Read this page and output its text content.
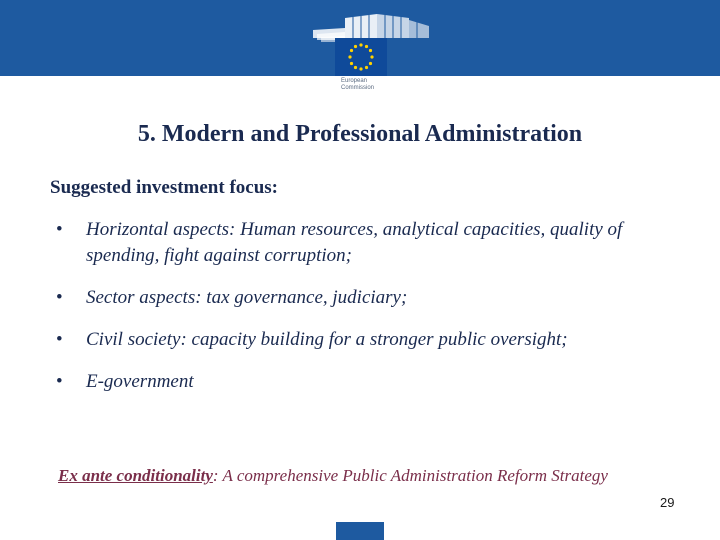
European
Commission
5. Modern and Professional Administration
Suggested investment focus:
• Horizontal aspects: Human resources, analytical capacities, quality of spending, fight against corruption;
• Sector aspects: tax governance, judiciary;
• Civil society: capacity building for a stronger public oversight;
• E-government

Ex ante conditionality: A comprehensive Public Administration Reform Strategy

29
